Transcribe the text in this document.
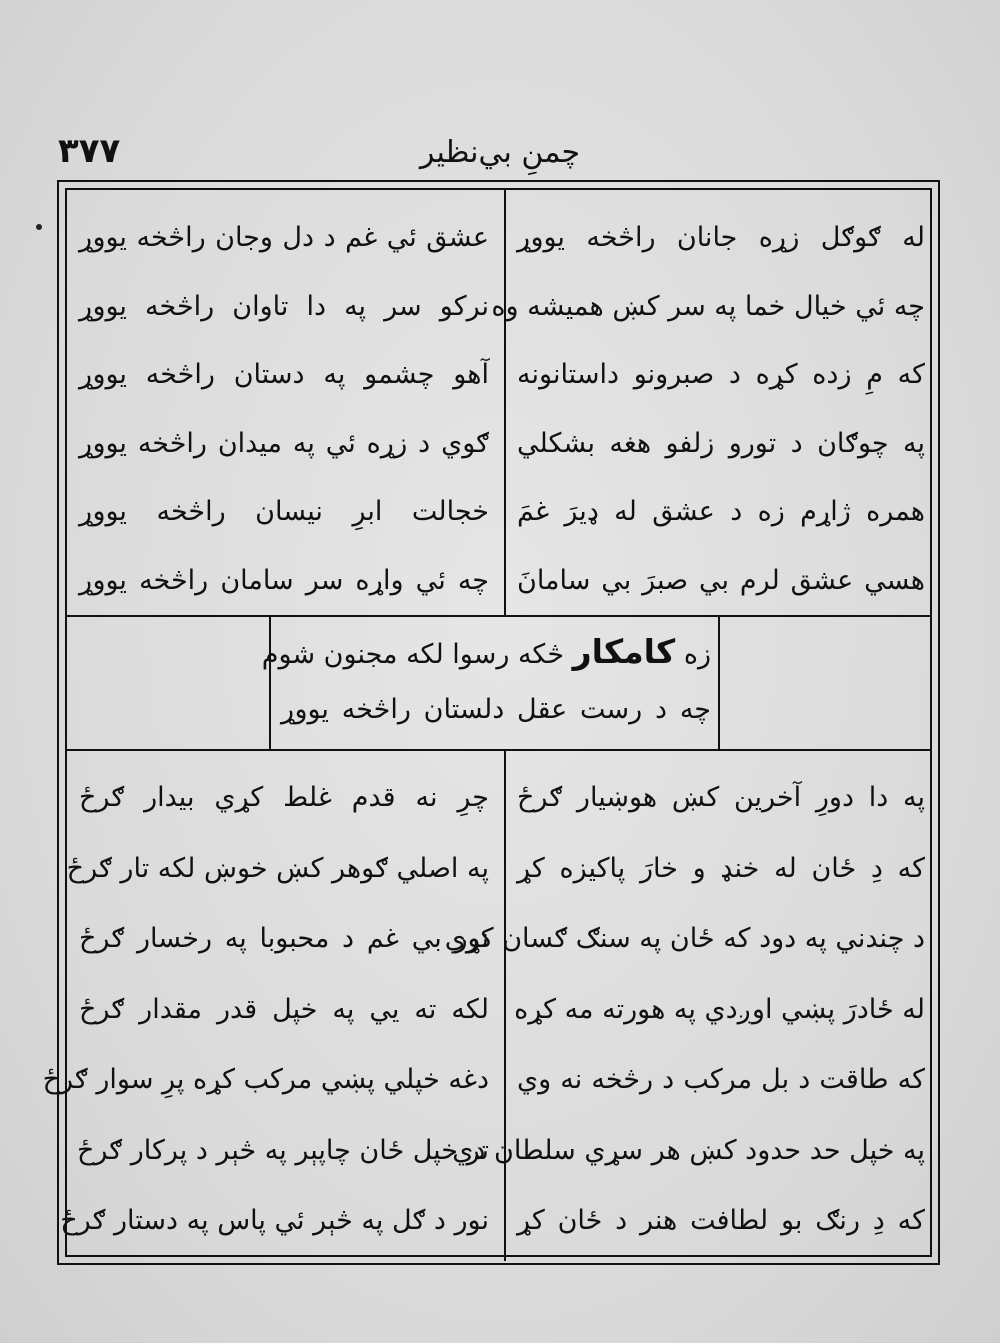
چمنِ بي‌نظير
۳۷۷
له ګوګل زړه جانان راڅخه يووړ
چه ئي خيال خما په سر كښ هميشه وه
كه مِ زده كړه د صبرونو داستانونه
په چوګان د تورو زلفو هغه بشكلي
همره ژاړم زه د عشق له ډيرَ غمَ
هسي عشق لرم بي صبرَ بي سامانَ
عشق ئي غم د دل وجان راڅخه يووړ
نركو سر په دا تاوان راڅخه يووړ
آهو چشمو په دستان راڅخه يووړ
ګوي د زړه ئي په ميدان راڅخه يووړ
خجالت ابرِ نيسان راڅخه يووړ
چه ئي واړه سر سامان راڅخه يووړ
زه كامكار څكه رسوا لكه مجنون شوم
چه د رست عقل دلستان راڅخه يووړ
په دا دورِ آخرين كښ هوښيار ګرځ
كه دِ ځان له خنډ و خارَ پاكيزه كړ
د چندني په دود كه ځان په سنګ ګسان كړي
له ځادرَ پښي اوږدي په هورته مه كړه
كه طاقت د بل مركب د رڅخه نه وي
په خپل حد حدود كښ هر سړي سلطان دي
كه دِ رنګ بو لطافت هنر د ځان كړ
چرِ نه قدم غلط كړي بيدار ګرځ
په اصلي ګوهر كښ خوښ لكه تار ګرځ
نور بي غم د محبوبا په رخسار ګرځ
لكه ته يي په خپل قدر مقدار ګرځ
دغه خپلي پښي مركب كړه پرِ سوار ګرځ
تر خپل ځان چاپېر په څېر د پركار ګرځ
نور د ګل په څېر ئي پاس په دستار ګرځ
